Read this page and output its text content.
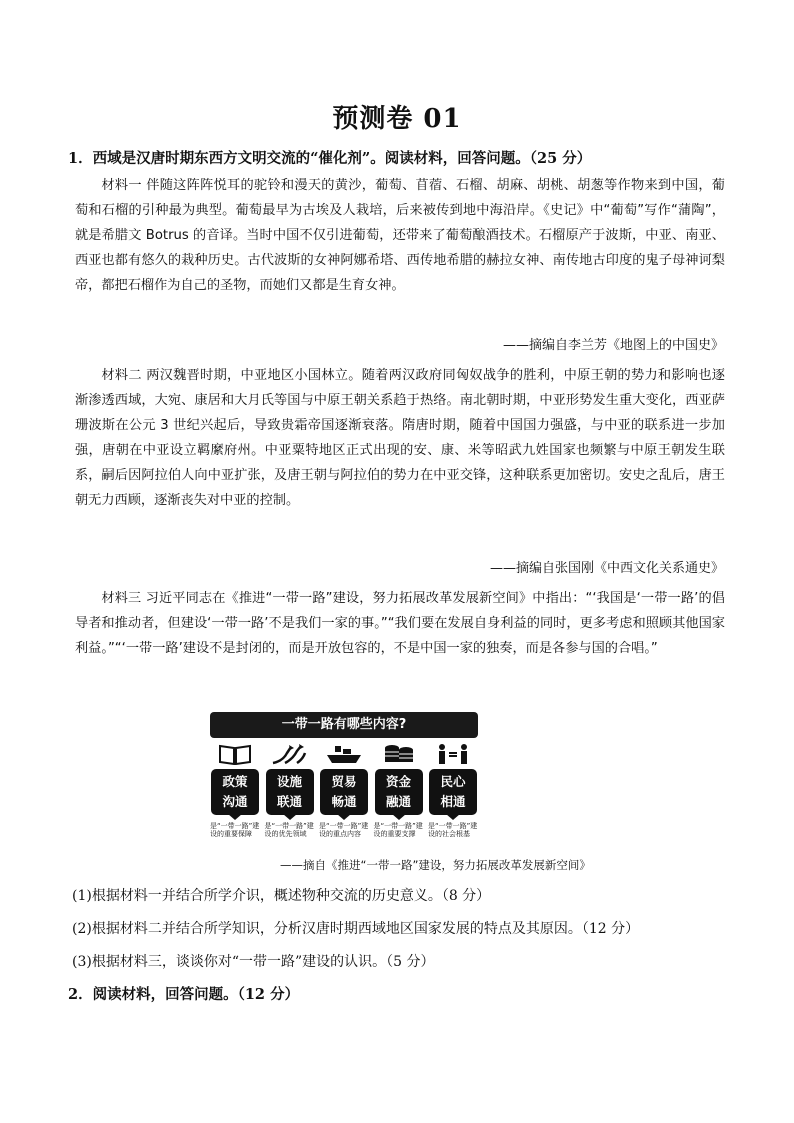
预测卷 01
1．西域是汉唐时期东西方文明交流的“催化剂”。阅读材料，回答问题。（25 分）
材料一 伴随这阵阵悦耳的驼铃和漫天的黄沙，葡萄、苜蓿、石榴、胡麻、胡桃、胡葱等作物来到中国，葡萄和石榴的引种最为典型。葡萄最早为古埃及人栽培，后来被传到地中海沿岸。《史记》中“葡萄”写作“蒲陶”，就是希腊文 Botrus 的音译。当时中国不仅引进葡萄，还带来了葡萄酿酒技术。石榴原产于波斯，中亚、南亚、西亚也都有悠久的栽种历史。古代波斯的女神阿娜希塔、西传地希腊的赫拉女神、南传地古印度的鬼子母神诃梨帝，都把石榴作为自己的圣物，而她们又都是生育女神。
——摘编自李兰芳《地图上的中国史》
材料二 两汉魏晋时期，中亚地区小国林立。随着两汉政府同匈奴战争的胜利，中原王朝的势力和影响也逐渐渗透西域，大宛、康居和大月氏等国与中原王朝关系趋于热络。南北朝时期，中亚形势发生重大变化，西亚萨珊波斯在公元 3 世纪兴起后，导致贵霜帝国逐渐衰落。隋唐时期，随着中国国力强盛，与中亚的联系进一步加强，唐朝在中亚设立羁縻府州。中亚粟特地区正式出现的安、康、米等昭武九姓国家也频繁与中原王朝发生联系，嗣后因阿拉伯人向中亚扩张，及唐王朝与阿拉伯的势力在中亚交锋，这种联系更加密切。安史之乱后，唐王朝无力西顾，逐渐丧失对中亚的控制。
——摘编自张国刚《中西文化关系通史》
材料三 习近平同志在《推进“一带一路”建设，努力拓展改革发展新空间》中指出：“‘我国是‘一带一路’的倡导者和推动者，但建设‘一带一路’不是我们一家的事。”“我们要在发展自身利益的同时，更多考虑和照顾其他国家利益。”“‘一带一路’建设不是封闭的，而是开放包容的，不是中国一家的独奏，而是各参与国的合唱。”
一带一路有哪些内容?
政策
沟通
是“一带一路”建设的重要保障
设施
联通
是“一带一路”建设的优先领域
贸易
畅通
是“一带一路”建设的重点内容
资金
融通
是“一带一路”建设的重要支撑
民心
相通
是“一带一路”建设的社会根基
——摘自《推进“一带一路”建设，努力拓展改革发展新空间》
(1)根据材料一并结合所学介识，概述物种交流的历史意义。（8 分）
(2)根据材料二并结合所学知识，分析汉唐时期西域地区国家发展的特点及其原因。（12 分）
(3)根据材料三，谈谈你对“一带一路”建设的认识。（5 分）
2．阅读材料，回答问题。（12 分）
